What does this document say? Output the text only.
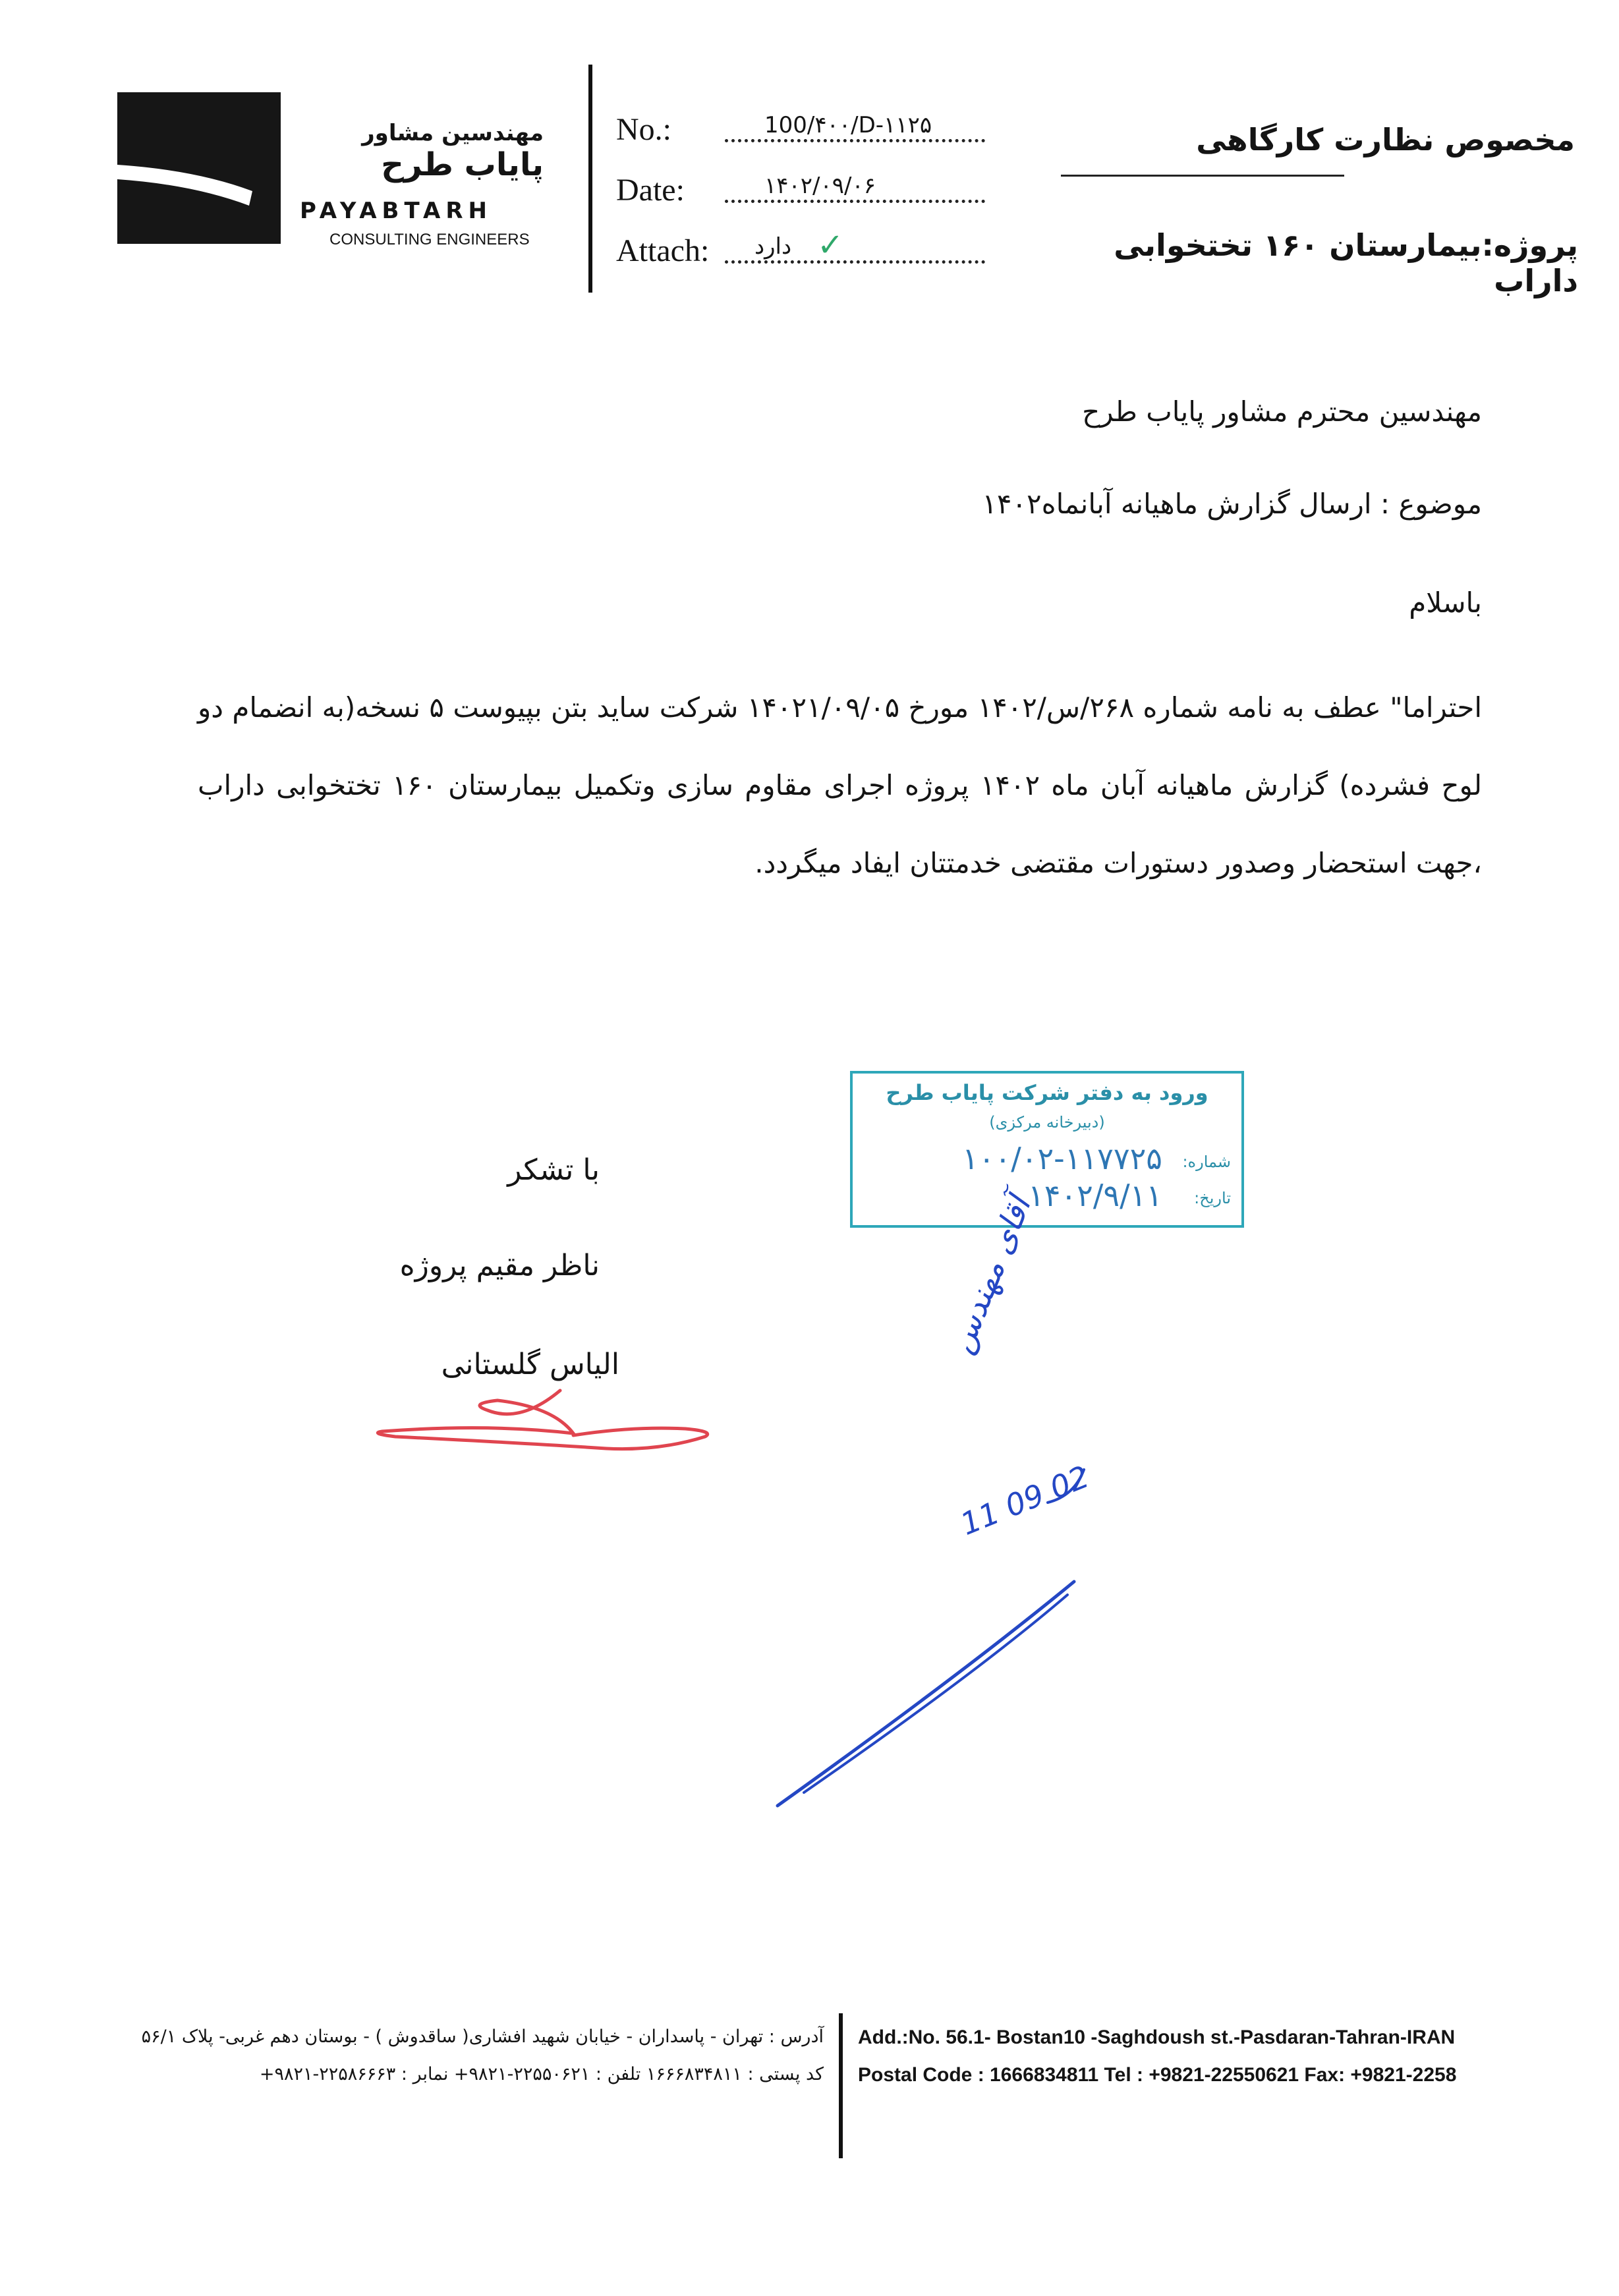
مهندسین مشاور
پایاب طرح
PAYABTARH
CONSULTING ENGINEERS
No.:	100/۴۰۰/D-۱۱۲۵
Date:	۱۴۰۲/۰۹/۰۶
Attach: دارد ✓
مخصوص نظارت کارگاهی
پروژه:بیمارستان ۱۶۰ تختخوابی داراب
مهندسین محترم مشاور پایاب طرح
موضوع : ارسال گزارش ماهیانه آبانماه۱۴۰۲
باسلام
احتراما" عطف به نامه شماره ۲۶۸/س/۱۴۰۲ مورخ ۱۴۰۲۱/۰۹/۰۵ شرکت ساید بتن بپیوست ۵ نسخه(به انضمام دو لوح فشرده) گزارش ماهیانه آبان ماه ۱۴۰۲ پروژه اجرای مقاوم سازی وتکمیل بیمارستان ۱۶۰ تختخوابی داراب ،جهت استحضار وصدور دستورات مقتضی خدمتتان ایفاد میگردد.
ورود به دفتر شرکت پایاب طرح
(دبیرخانه مرکزی)
شماره:
۱۰۰/۰۲-۱۱۷۷۲۵
تاریخ:
۱۴۰۲/۹/۱۱
با تشکر
ناظر مقیم پروژه
الیاس گلستانی
آقای مهندس
11 09 02
آدرس : تهران - پاسداران - خیابان شهید افشاری( ساقدوش ) - بوستان دهم غربی- پلاک ۵۶/۱
کد پستی : ۱۶۶۶۸۳۴۸۱۱ تلفن : ۲۲۵۵۰۶۲۱-۹۸۲۱+ نمابر : ۲۲۵۸۶۶۶۳-۹۸۲۱+
Add.:No. 56.1- Bostan10 -Saghdoush st.-Pasdaran-Tahran-IRAN
Postal Code : 1666834811 Tel : +9821-22550621 Fax: +9821-2258
